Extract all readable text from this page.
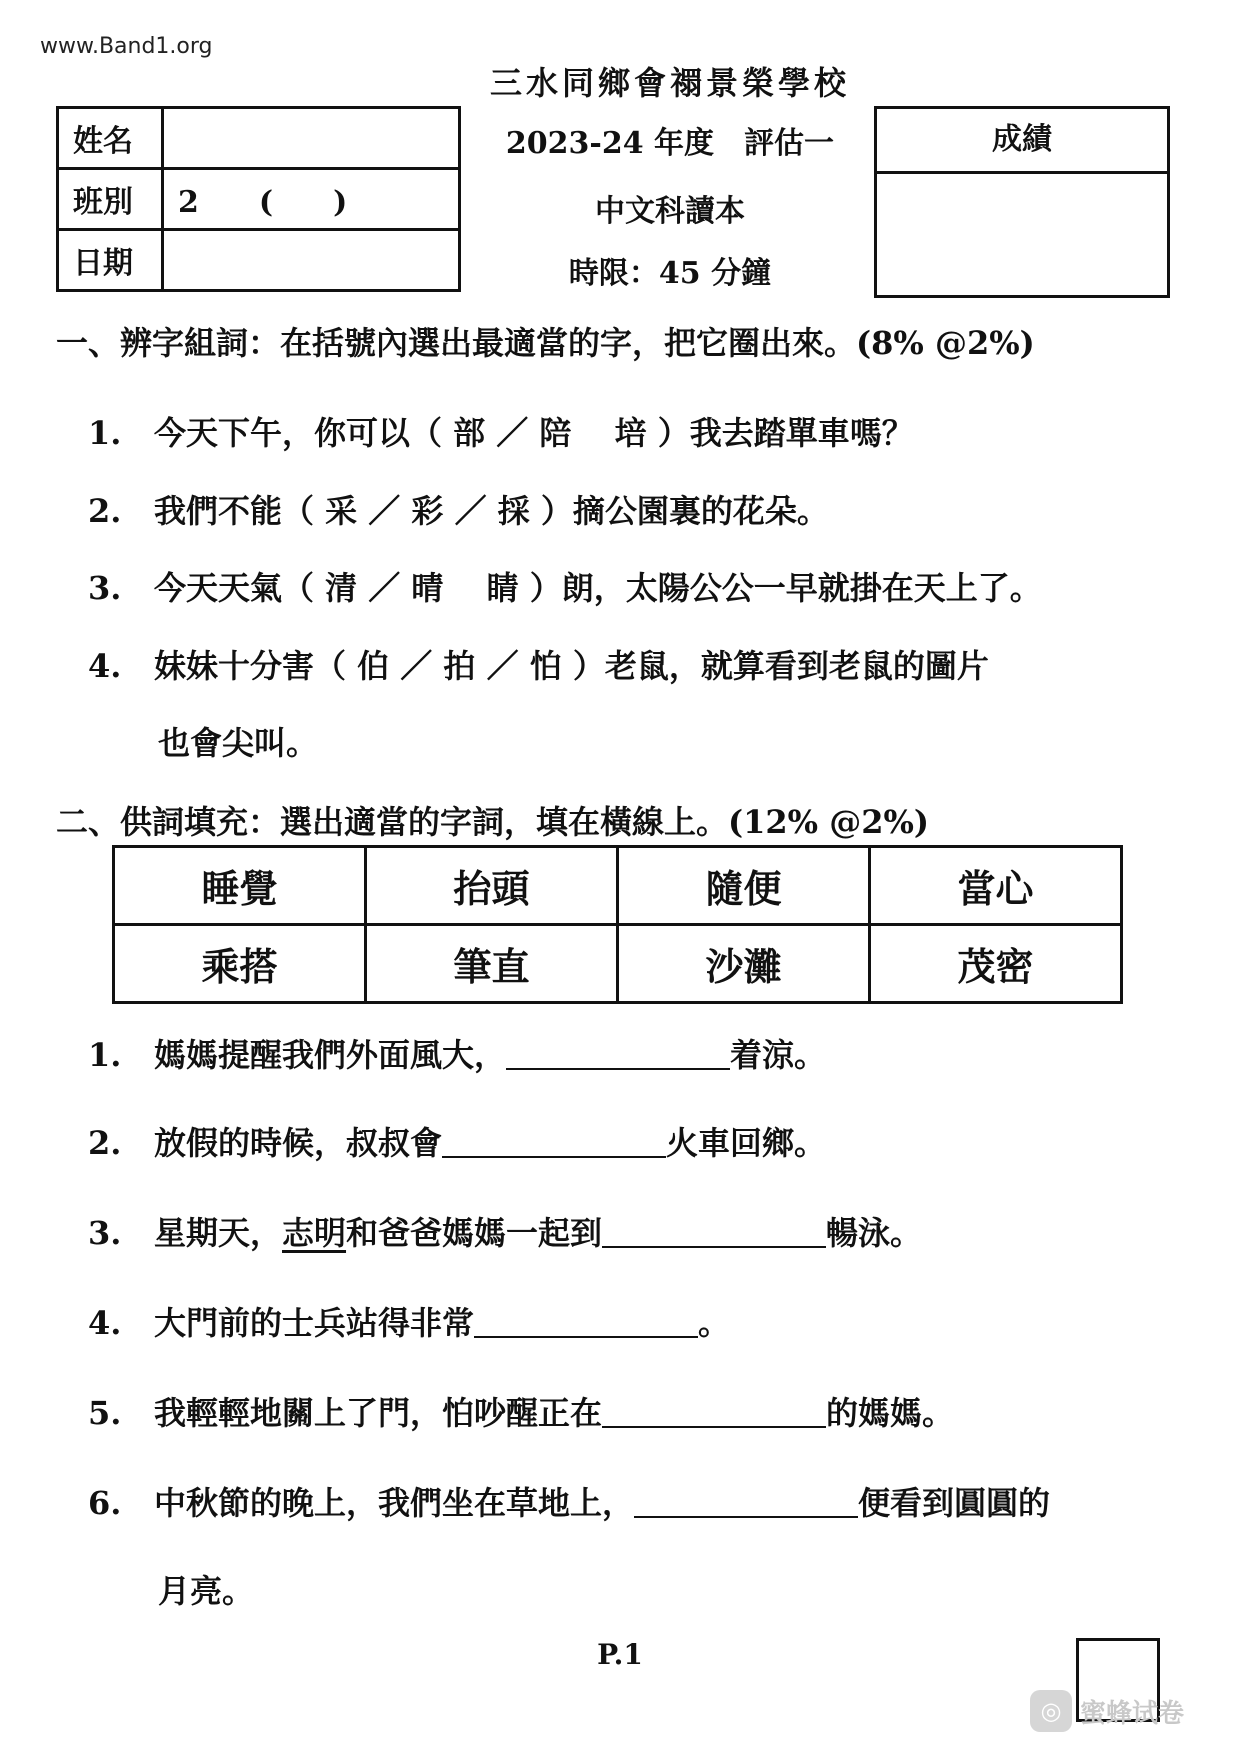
www.Band1.org
三水同鄉會禤景榮學校
2023-24 年度　評估一
中文科讀本
時限：45 分鐘
姓名	
班別	2　　(　　)
日期	
成績
一、辨字組詞：在括號內選出最適當的字，把它圈出來。(8% @2%)
1. 今天下午，你可以（ 部 ／ 陪　 培 ）我去踏單車嗎？
2. 我們不能（ 采 ／ 彩 ／ 採 ）摘公園裏的花朵。
3. 今天天氣（ 清 ／ 晴　 睛 ）朗，太陽公公一早就掛在天上了。
4. 妹妹十分害（ 伯 ／ 拍 ／ 怕 ）老鼠，就算看到老鼠的圖片
也會尖叫。
二、供詞填充：選出適當的字詞，填在橫線上。(12% @2%)
睡覺	抬頭	隨便	當心
乘搭	筆直	沙灘	茂密
1. 媽媽提醒我們外面風大，	着涼。
2. 放假的時候，叔叔會	火車回鄉。
3. 星期天，志明和爸爸媽媽一起到	暢泳。
4. 大門前的士兵站得非常	。
5. 我輕輕地關上了門，怕吵醒正在	的媽媽。
6. 中秋節的晚上，我們坐在草地上，	便看到圓圓的
月亮。
P.1
◎ 蜜蜂试卷
